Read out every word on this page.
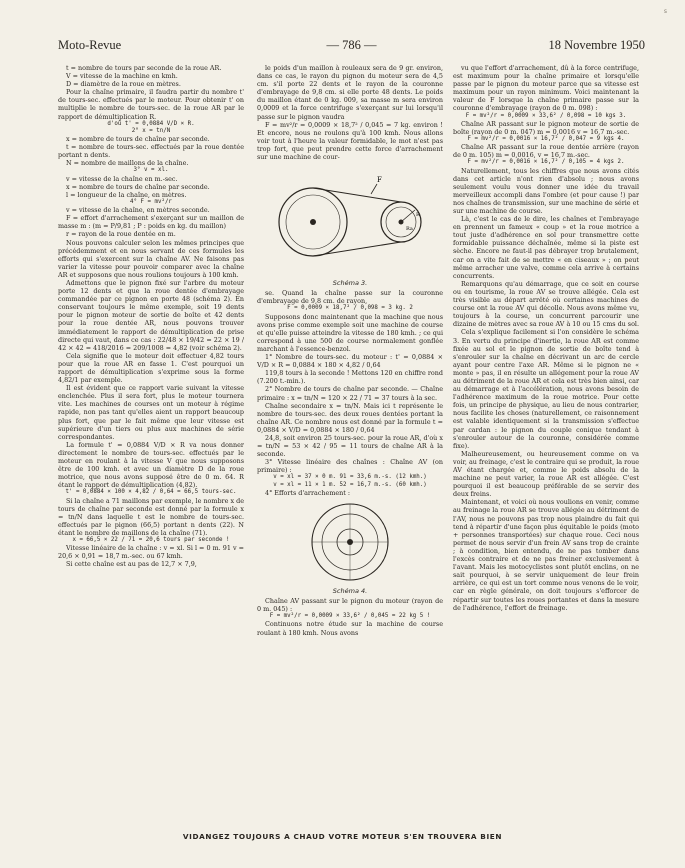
s
Moto-Revue	— 786 —	18 Novembre 1950

t = nombre de tours par seconde de la roue AR.

V = vitesse de la machine en kmh.

D = diamètre de la roue en mètres.

Pour la chaîne primaire, il faudra partir du nombre t' de tours-sec. effectués par le moteur. Pour obtenir t' on multiplie le nombre de tours-sec. de la roue AR par le rapport de démultiplication R.

d'où t' = 0,0884 V/D × R.

2° x = tn/N

x = nombre de tours de chaîne par seconde.

t = nombre de tours-sec. effectués par la roue dentée portant n dents.

N = nombre de maillons de la chaîne.

3° v = xl.

v = vitesse de la chaîne en m.-sec.

x = nombre de tours de chaîne par seconde.

l = longueur de la chaîne, en mètres.

4° F = mv²/r

v = vitesse de la chaîne, en mètres seconde.

F = effort d'arrachement s'exerçant sur un maillon de masse m : (m = P/9,81 ; P : poids en kg. du maillon)

r = rayon de la roue dentée en m.

Nous pouvons calculer selon les mêmes principes que précédemment et en nous servant de ces formules les efforts qui s'exercent sur la chaîne AV. Ne faisons pas varier la vitesse pour pouvoir comparer avec la chaîne AR et supposons que nous roulions toujours à 100 kmh.

Admettons que le pignon fixé sur l'arbre du moteur porte 12 dents et que la roue dentée d'embrayage commandée par ce pignon en porte 48 (schéma 2). En conservant toujours le même exemple, soit 19 dents pour le pignon moteur de sortie de boîte et 42 dents pour la roue dentée AR, nous pouvons trouver immédiatement le rapport de démultiplication de prise directe qui vaut, dans ce cas : 22/48 × 19/42 = 22 × 19 / 42 × 42 = 418/2016 = 209/1008 = 4,82 (voir schéma 2).

Cela signifie que le moteur doit effectuer 4,82 tours pour que la roue AR en fasse 1. C'est pourquoi un rapport de démultiplication s'exprime sous la forme 4,82/1 par exemple.

Il est évident que ce rapport varie suivant la vitesse enclenchée. Plus il sera fort, plus le moteur tournera vite. Les machines de courses ont un moteur à régime rapide, non pas tant qu'elles aient un rapport beaucoup plus fort, que par le fait même que leur vitesse est supérieure d'un tiers ou plus aux machines de série correspondantes.

La formule t' = 0,0884 V/D × R va nous donner directement le nombre de tours-sec. effectués par le moteur en roulant à la vitesse V que nous supposons être de 100 kmh. et avec un diamètre D de la roue motrice, que nous avons supposé être de 0 m. 64. R étant le rapport de démultiplication (4,82).

t' = 0,0884 × 100 × 4,82 / 0,64 = 66,5 tours-sec.

Si la chaîne a 71 maillons par exemple, le nombre x de tours de chaîne par seconde est donné par la formule x = tn/N dans laquelle t est le nombre de tours-sec. effectués par le pignon (66,5) portant n dents (22). N étant le nombre de maillons de la chaîne (71).

x = 66,5 × 22 / 71 = 20,6 tours par seconde !

Vitesse linéaire de la chaîne : v = xl. Si l = 0 m. 91 v = 20,6 × 0,91 = 18,7 m.-sec. ou 67 kmh.

Si cette chaîne est au pas de 12,7 × 7,9,

le poids d'un maillon à rouleaux sera de 9 gr. environ, dans ce cas, le rayon du pignon du moteur sera de 4,5 cm. s'il porte 22 dents et le rayon de la couronne d'embrayage de 9,8 cm. si elle porte 48 dents. Le poids du maillon étant de 0 kg. 009, sa masse m sera environ 0,0009 et la force centrifuge s'exerçant sur lui lorsqu'il passe sur le pignon vaudra

F = mv²/r = 0,0009 × 18,7² / 0,045 = 7 kg. environ ! Et encore, nous ne roulons qu'à 100 kmh. Nous allons voir tout à l'heure la valeur formidable, le mot n'est pas trop fort, que peut prendre cette force d'arrachement sur une machine de cour-

F
Ra
R

Schéma 3.

se. Quand la chaîne passe sur la couronne d'embrayage de 9,8 cm. de rayon,

F = 0,0009 × 18,7² / 0,098 = 3 kg. 2

Supposons donc maintenant que la machine que nous avons prise comme exemple soit une machine de course et qu'elle puisse atteindre la vitesse de 180 kmh. ; ce qui correspond à une 500 de course normalement gonflée marchant à l'essence-benzol.

1° Nombre de tours-sec. du moteur : t' = 0,0884 × V/D × R = 0,0884 × 180 × 4,82 / 0,64

119,8 tours à la seconde ! Mettons 120 en chiffre rond (7.200 t.-min.).

2° Nombre de tours de chaîne par seconde. — Chaîne primaire : x = tn/N = 120 × 22 / 71 = 37 tours à la sec.

Chaîne secondaire x = tn/N. Mais ici t représente le nombre de tours-sec. des deux roues dentées portant la chaîne AR. Ce nombre nous est donné par la formule t = 0,0884 × V/D = 0,0884 × 180 / 0,64

24,8, soit environ 25 tours-sec. pour la roue AR, d'où x = tn/N = 53 × 42 / 95 = 11 tours de chaîne AR à la seconde.

3° Vitesse linéaire des chaînes : Chaîne AV (on primaire) :

v = xl = 37 × 0 m. 91 = 33,6 m.-s. (12 kmh.)

v = xl = 11 × 1 m. 52 = 16,7 m.-s. (60 kmh.)

4° Efforts d'arrachement :

Schéma 4.

Chaîne AV passant sur le pignon du moteur (rayon de 0 m. 045) :

F = mv²/r = 0,0009 × 33,6² / 0,045 = 22 kg 5 !

Continuons notre étude sur la machine de course roulant à 180 kmh. Nous avons

vu que l'effort d'arrachement, dû à la force centrifuge, est maximum pour la chaîne primaire et lorsqu'elle passe par le pignon du moteur parce que sa vitesse est maximum pour un rayon minimum. Voici maintenant la valeur de F lorsque la chaîne primaire passe sur la couronne d'embrayage (rayon de 0 m. 098) :

F = mv²/r = 0,0009 × 33,6² / 0,098 = 10 kgs 3.

Chaîne AR passant sur le pignon moteur de sortie de boîte (rayon de 0 m. 047) m = 0,0016 v = 16,7 m.-sec.

F = mv²/r = 0,0016 × 16,7² / 0,047 = 9 kgs 4.

Chaîne AR passant sur la roue dentée arrière (rayon de 0 m. 105) m = 0,0016, v = 16,7 m.-sec.

F = mv²/r = 0,0016 × 16,7² / 0,105 = 4 kgs 2.

Naturellement, tous les chiffres que nous avons cités dans cet article n'ont rien d'absolu ; nous avons seulement voulu vous donner une idée du travail merveilleux accompli dans l'ombre (et pour cause !) par nos chaînes de transmission, sur une machine de série et sur une machine de course.

Là, c'est le cas de le dire, les chaînes et l'embrayage en prennent un fameux « coup » et la roue motrice a tout juste d'adhérence en sol pour transmettre cette formidable puissance déchaînée, même si la piste est sèche. Encore ne faut-il pas débrayer trop brutalement, car on a vite fait de se mettre « en ciseaux » ; on peut même arracher une valve, comme cela arrive à certains concurrents.

Remarquons qu'au démarrage, que ce soit en course ou en tourisme, la roue AV se trouve allégée. Cela est très visible au départ arrêté où certaines machines de course ont la roue AV qui décolle. Nous avons même vu, toujours à la course, un concurrent parcourir une dizaine de mètres avec sa roue AV à 10 ou 15 cms du sol.

Cela s'explique facilement si l'on considère le schéma 3. En vertu du principe d'inertie, la roue AR est comme fixée au sol et le pignon de sortie de boîte tend à s'enrouler sur la chaîne en décrivant un arc de cercle ayant pour centre l'axe AR. Même si le pignon ne « monte » pas, il en résulte un allégement pour la roue AV au détriment de la roue AR et cela est très bien ainsi, car au démarrage et à l'accélération, nous avons besoin de l'adhérence maximum de la roue motrice. Pour cette fois, un principe de physique, au lieu de nous contrarier, nous facilite les choses (naturellement, ce raisonnement est valable identiquement si la transmission s'effectue par cardan : le pignon du couple conique tendant à s'enrouler autour de la couronne, considérée comme fixe).

Malheureusement, ou heureusement comme on va voir, au freinage, c'est le contraire qui se produit, la roue AV étant chargée et, comme le poids absolu de la machine ne peut varier, la roue AR est allégée. C'est pourquoi il est beaucoup préférable de se servir des deux freins.

Maintenant, et voici où nous voulions en venir, comme au freinage la roue AR se trouve allégée au détriment de l'AV, nous ne pouvons pas trop nous plaindre du fait qui tend à répartir d'une façon plus équitable le poids (moto + personnes transportées) sur chaque roue. Ceci nous permet de nous servir d'un frein AV sans trop de crainte ; à condition, bien entendu, de ne pas tomber dans l'excès contraire et de ne pas freiner exclusivement à l'avant. Mais les motocyclistes sont plutôt enclins, on ne sait pourquoi, à se servir uniquement de leur frein arrière, ce qui est un tort comme nous venons de le voir, car en règle générale, on doit toujours s'efforcer de répartir sur toutes les roues portantes et dans la mesure de l'adhérence, l'effort de freinage.

VIDANGEZ TOUJOURS A CHAUD VOTRE MOTEUR S'EN TROUVERA BIEN
